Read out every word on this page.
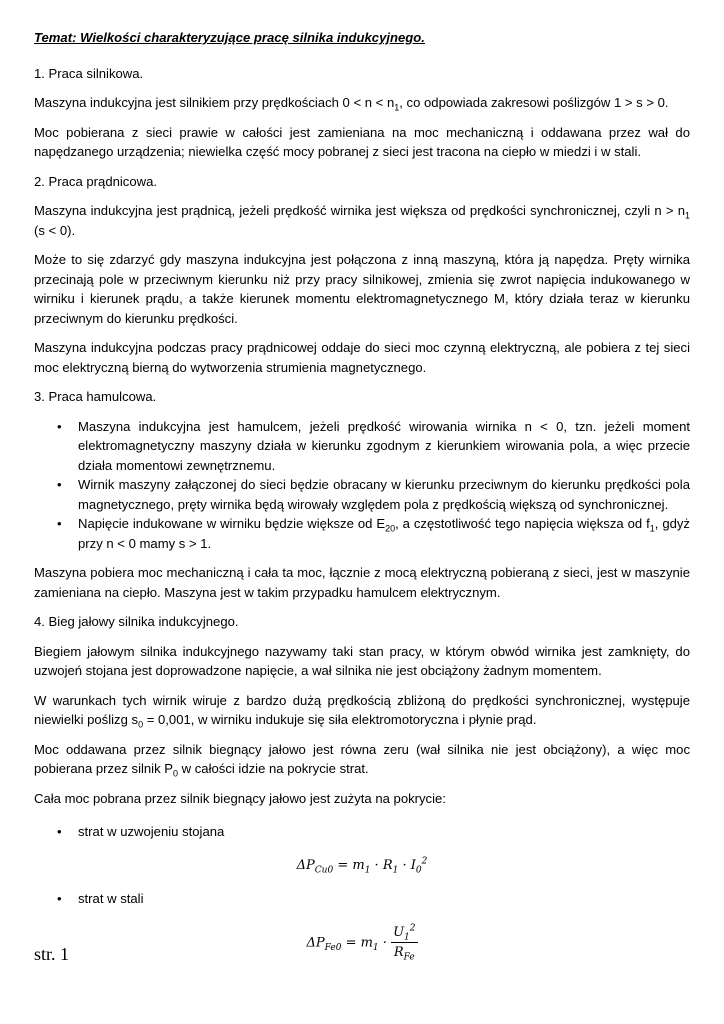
Temat: Wielkości charakteryzujące pracę silnika indukcyjnego.
1. Praca silnikowa.

Maszyna indukcyjna jest silnikiem przy prędkościach $0 < n < n_1$, co odpowiada zakresowi poślizgów 1 > s > 0.

Moc pobierana z sieci prawie w całości jest zamieniana na moc mechaniczną i oddawana przez wał do napędzanego urządzenia; niewielka część mocy pobranej z sieci jest tracona na ciepło w miedzi i w stali.

2. Praca prądnicowa.

Maszyna indukcyjna jest prądnicą, jeżeli prędkość wirnika jest większa od prędkości synchronicznej, czyli $n > n_1$ (s < 0).

Może to się zdarzyć gdy maszyna indukcyjna jest połączona z inną maszyną, która ją napędza. Pręty wirnika przecinają pole w przeciwnym kierunku niż przy pracy silnikowej, zmienia się zwrot napięcia indukowanego w wirniku i kierunek prądu, a także kierunek momentu elektromagnetycznego M, który działa teraz w kierunku przeciwnym do kierunku prędkości.

Maszyna indukcyjna podczas pracy prądnicowej oddaje do sieci moc czynną elektryczną, ale pobiera z tej sieci moc elektryczną bierną do wytworzenia strumienia magnetycznego.

3. Praca hamulcowa.
• Maszyna indukcyjna jest hamulcem, jeżeli prędkość wirowania wirnika n < 0, tzn. jeżeli moment elektromagnetyczny maszyny działa w kierunku zgodnym z kierunkiem wirowania pola, a więc przecie działa momentowi zewnętrznemu.
• Wirnik maszyny załączonej do sieci będzie obracany w kierunku przeciwnym do kierunku prędkości pola magnetycznego, pręty wirnika będą wirowały względem pola z prędkością większą od synchronicznej.
• Napięcie indukowane w wirniku będzie większe od $E_{20}$, a częstotliwość tego napięcia większa od $f_1$, gdyż przy n < 0 mamy s > 1.

Maszyna pobiera moc mechaniczną i cała ta moc, łącznie z mocą elektryczną pobieraną z sieci, jest w maszynie zamieniana na ciepło. Maszyna jest w takim przypadku hamulcem elektrycznym.

4. Bieg jałowy silnika indukcyjnego.

Biegiem jałowym silnika indukcyjnego nazywamy taki stan pracy, w którym obwód wirnika jest zamknięty, do uzwojeń stojana jest doprowadzone napięcie, a wał silnika nie jest obciążony żadnym momentem.

W warunkach tych wirnik wiruje z bardzo dużą prędkością zbliżoną do prędkości synchronicznej, występuje niewielki poślizg $s_0 = 0,001$, w wirniku indukuje się siła elektromotoryczna i płynie prąd.

Moc oddawana przez silnik biegnący jałowo jest równa zeru (wał silnika nie jest obciążony), a więc moc pobierana przez silnik $P_0$ w całości idzie na pokrycie strat.

Cała moc pobrana przez silnik biegnący jałowo jest zużyta na pokrycie:

• strat w uzwojeniu stojana
$\Delta P_{Cu0} = m_1 \cdot R_1 \cdot I_0^2$
• strat w stali
$\Delta P_{Fe0} = m_1 \cdot \frac{U_1^2}{R_{Fe}}$
str. 1
